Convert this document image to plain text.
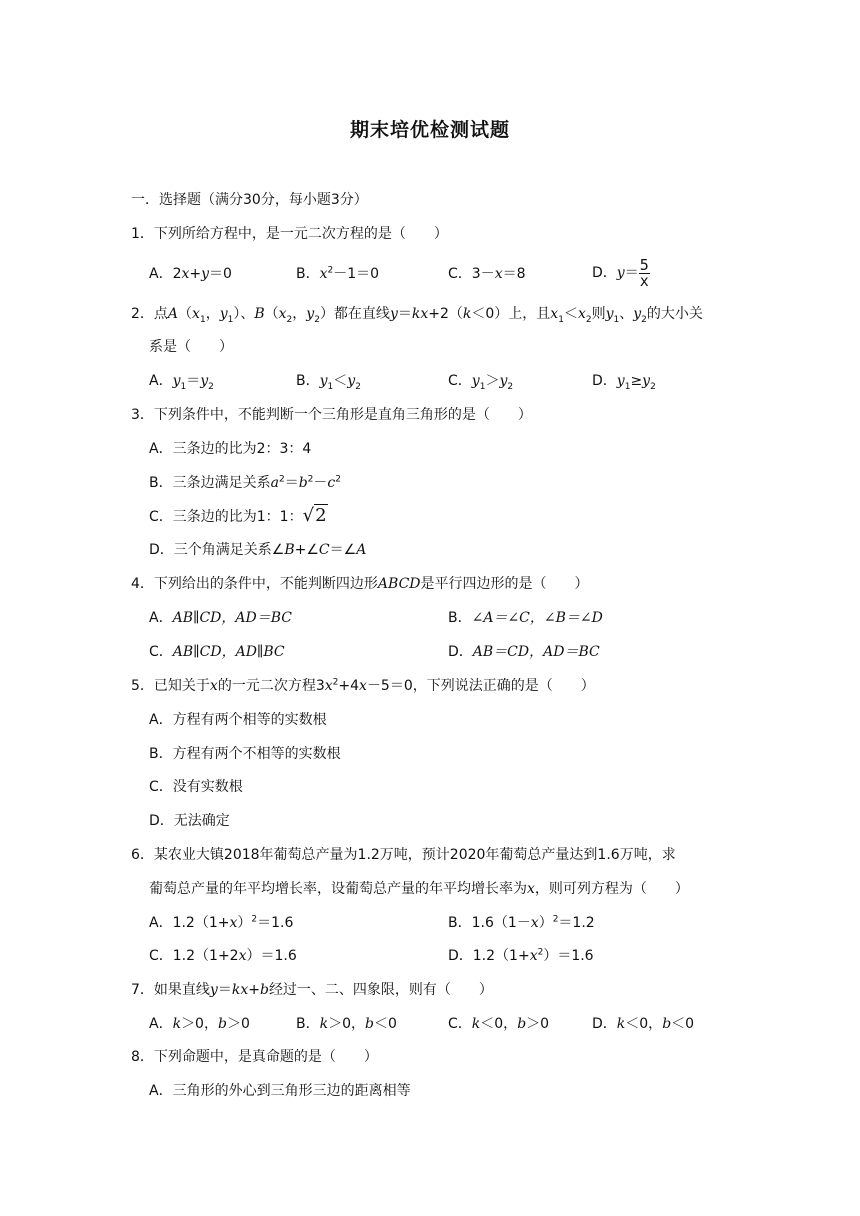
期末培优检测试题
一．选择题（满分30分，每小题3分）
1．下列所给方程中，是一元二次方程的是（　　）
A．2x+y＝0	B．$x^2-1=0$	C．3－x＝8	D．$y= \frac{5}{x}$
2．点$A(x_1$，$y_1$）、$B(x_2$，$y_2$）都在直线y＝kx+2（k＜0）上，且$x_1<x_2$则$y_1$、$y_2$的大小关
系是（　　）
A．$y_1=y_2$	B．$y_1<y_2$	C．$y_1>y_2$	D．$y_1\ge y_2$
3．下列条件中，不能判断一个三角形是直角三角形的是（　　）
A．三条边的比为2：3：4
B．三条边满足关系$a^2=b^2-c^2$
C．三条边的比为1：1：√2
D．三个角满足关系∠B+∠C＝∠A
4．下列给出的条件中，不能判断四边形ABCD是平行四边形的是（　　）
A．AB∥CD，AD＝BC	B．∠A＝∠C，∠B＝∠D
C．AB∥CD，AD∥BC	D．AB＝CD，AD＝BC
5．已知关于x的一元二次方程$3x^2+4x-5=0$，下列说法正确的是（　　）
A．方程有两个相等的实数根
B．方程有两个不相等的实数根
C．没有实数根
D．无法确定
6．某农业大镇2018年葡萄总产量为1.2万吨，预计2020年葡萄总产量达到1.6万吨，求
葡萄总产量的年平均增长率，设葡萄总产量的年平均增长率为x，则可列方程为（　　）
A．$1.2(1+x)^2=1.6$	B．$1.6(1-x)^2=1.2$
C．1.2（1+2x）＝1.6	D．$1.2(1+x^2)=1.6$
7．如果直线y＝kx+b经过一、二、四象限，则有（　　）
A．k＞0，b＞0	B．k＞0，b＜0	C．k＜0，b＞0	D．k＜0，b＜0
8．下列命题中，是真命题的是（　　）
A．三角形的外心到三角形三边的距离相等
